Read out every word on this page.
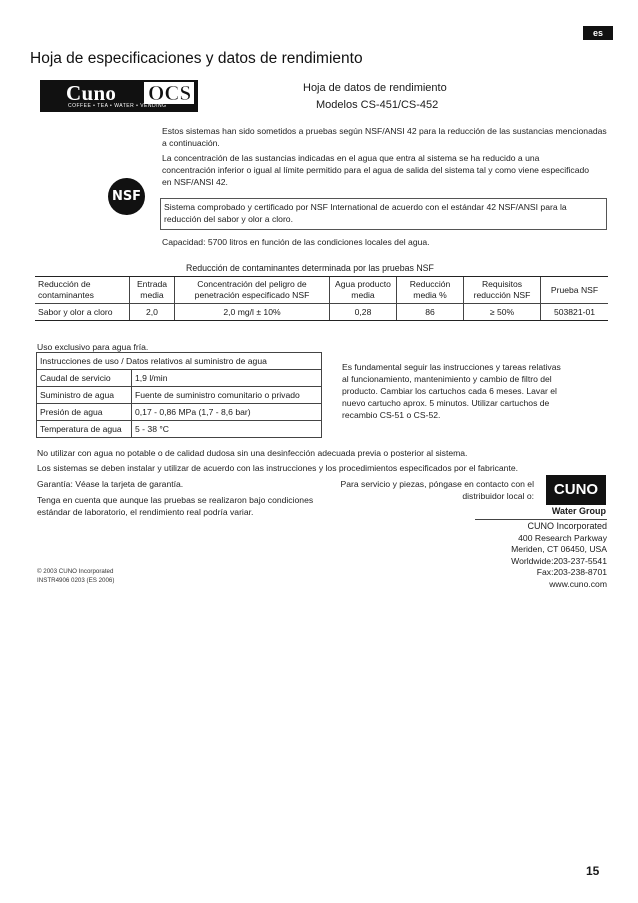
es
Hoja de especificaciones y datos de rendimiento
Cuno OCS
COFFEE • TEA • WATER • VENDING
Hoja de datos de rendimiento
Modelos CS-451/CS-452
Estos sistemas han sido sometidos a pruebas según NSF/ANSI 42 para la reducción de las sustancias mencionadas a continuación.
La concentración de las sustancias indicadas en el agua que entra al sistema se ha reducido a una concentración inferior o igual al límite permitido para el agua de salida del sistema tal y como viene especificado en NSF/ANSI 42.
NSF
Sistema comprobado y certificado por NSF International de acuerdo con el estándar 42 NSF/ANSI para la reducción del sabor y olor a cloro.
Capacidad: 5700 litros en función de las condiciones locales del agua.
Reducción de contaminantes determinada por las pruebas NSF
Reducción de contaminantes	Entrada media	Concentración del peligro de penetración especificado NSF	Agua producto media	Reducción media %	Requisitos reducción NSF	Prueba NSF
Sabor y olor a cloro	2,0	2,0 mg/l ± 10%	0,28	86	≥ 50%	503821-01
Uso exclusivo para agua fría.
Instrucciones de uso / Datos relativos al suministro de agua	
Caudal de servicio	1,9 l/min
Suministro de agua	Fuente de suministro comunitario o privado
Presión de agua	0,17 - 0,86 MPa (1,7 - 8,6 bar)
Temperatura de agua	5 - 38 °C
Es fundamental seguir las instrucciones y tareas relativas al funcionamiento, mantenimiento y cambio de filtro del producto. Cambiar los cartuchos cada 6 meses. Lavar el nuevo cartucho aprox. 5 minutos. Utilizar cartuchos de recambio CS-51 o CS-52.
No utilizar con agua no potable o de calidad dudosa sin una desinfección adecuada previa o posterior al sistema.
Los sistemas se deben instalar y utilizar de acuerdo con las instrucciones y los procedimientos especificados por el fabricante.
Garantía: Véase la tarjeta de garantía.
Tenga en cuenta que aunque las pruebas se realizaron bajo condiciones estándar de laboratorio, el rendimiento real podría variar.
Para servicio y piezas, póngase en contacto con el distribuidor local o:	CUNO
Water Group
CUNO Incorporated
400 Research Parkway
Meriden, CT 06450, USA
Worldwide:203-237-5541
Fax:203-238-8701
www.cuno.com
© 2003 CUNO Incorporated
INSTR4906 0203 (ES 2006)
15
